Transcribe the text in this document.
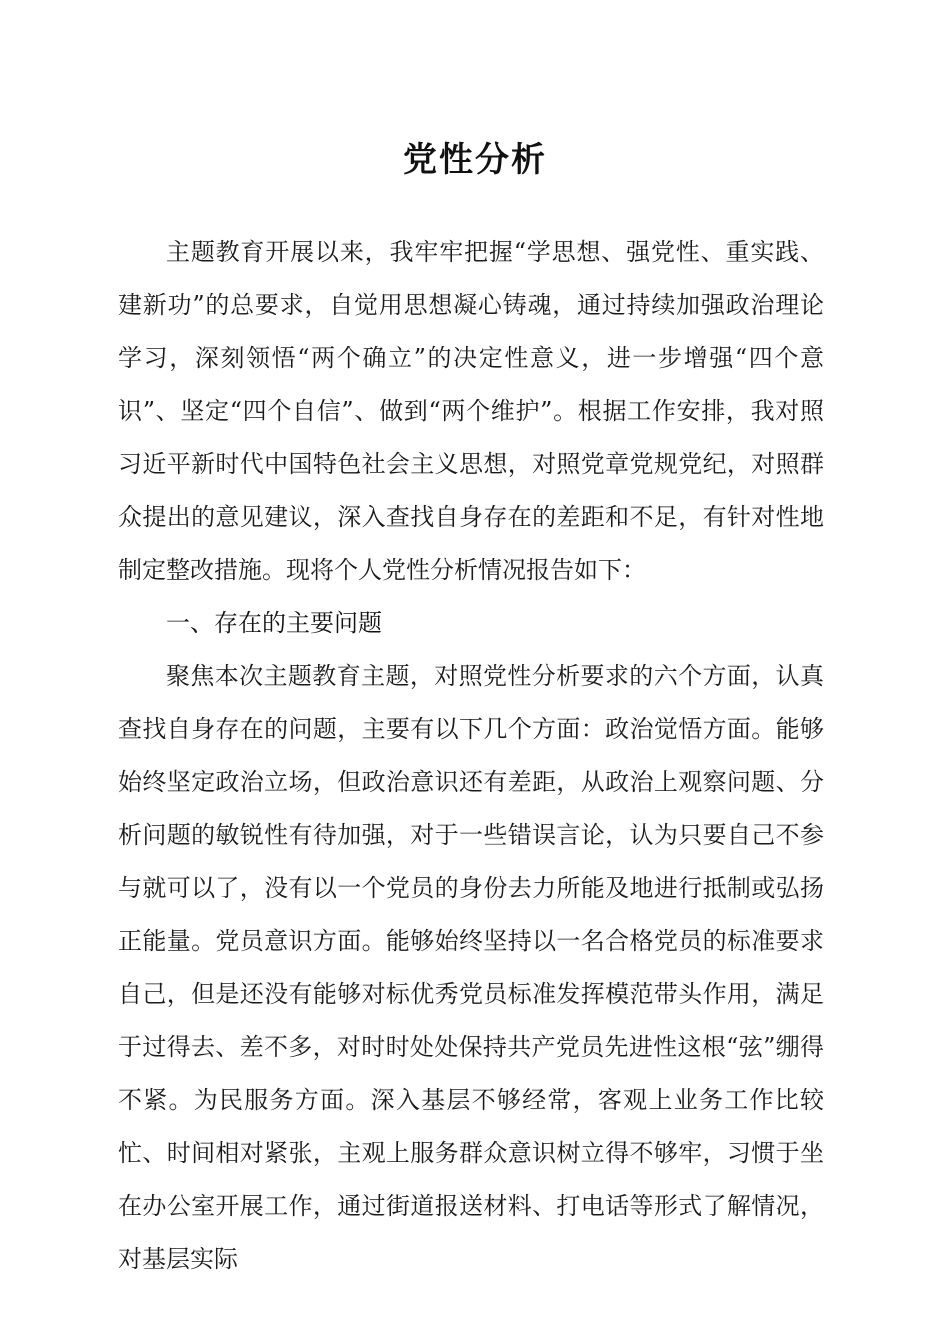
党性分析

主题教育开展以来，我牢牢把握“学思想、强党性、重实践、建新功”的总要求，自觉用思想凝心铸魂，通过持续加强政治理论学习，深刻领悟“两个确立”的决定性意义，进一步增强“四个意识”、坚定“四个自信”、做到“两个维护”。根据工作安排，我对照习近平新时代中国特色社会主义思想，对照党章党规党纪，对照群众提出的意见建议，深入查找自身存在的差距和不足，有针对性地制定整改措施。现将个人党性分析情况报告如下：

一、存在的主要问题

聚焦本次主题教育主题，对照党性分析要求的六个方面，认真查找自身存在的问题，主要有以下几个方面：政治觉悟方面。能够始终坚定政治立场，但政治意识还有差距，从政治上观察问题、分析问题的敏锐性有待加强，对于一些错误言论，认为只要自己不参与就可以了，没有以一个党员的身份去力所能及地进行抵制或弘扬正能量。党员意识方面。能够始终坚持以一名合格党员的标准要求自己，但是还没有能够对标优秀党员标准发挥模范带头作用，满足于过得去、差不多，对时时处处保持共产党员先进性这根“弦”绷得不紧。为民服务方面。深入基层不够经常，客观上业务工作比较忙、时间相对紧张，主观上服务群众意识树立得不够牢，习惯于坐在办公室开展工作，通过街道报送材料、打电话等形式了解情况，对基层实际
